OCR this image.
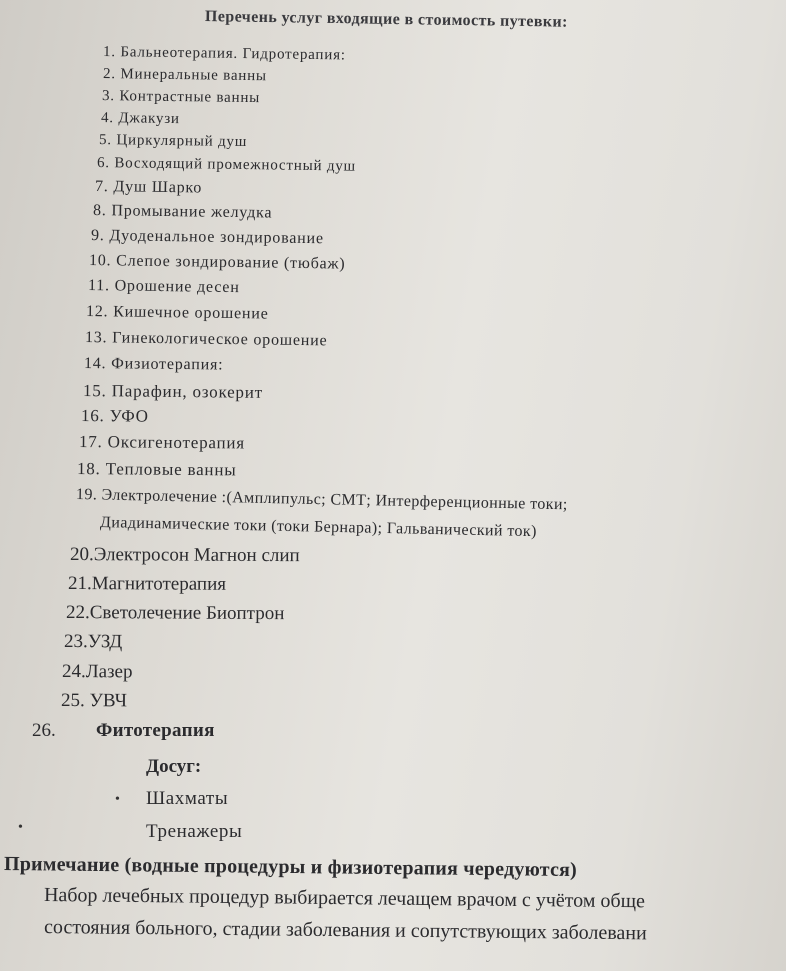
Перечень услуг входящие в стоимость путевки:
1. Бальнеотерапия. Гидротерапия:
2. Минеральные ванны
3. Контрастные ванны
4. Джакузи
5. Циркулярный душ
6. Восходящий промежностный душ
7. Душ Шарко
8. Промывание желудка
9. Дуоденальное зондирование
10. Слепое зондирование (тюбаж)
11. Орошение десен
12. Кишечное орошение
13. Гинекологическое орошение
14. Физиотерапия:
15. Парафин, озокерит
16. УФО
17. Оксигенотерапия
18. Тепловые ванны
19. Электролечение :(Амплипульс; СМТ; Интерференционные токи;
Диадинамические токи (токи Бернара); Гальванический ток)
20.Электросон Магнон слип
21.Магнитотерапия
22.Светолечение Биоптрон
23.УЗД
24.Лазер
25. УВЧ
26. Фитотерапия
Досуг:
• Шахматы
•	Тренажеры
Примечание (водные процедуры и физиотерапия чередуются)
Набор лечебных процедур выбирается лечащем врачом с учётом обще
состояния больного, стадии заболевания и сопутствующих заболевани
